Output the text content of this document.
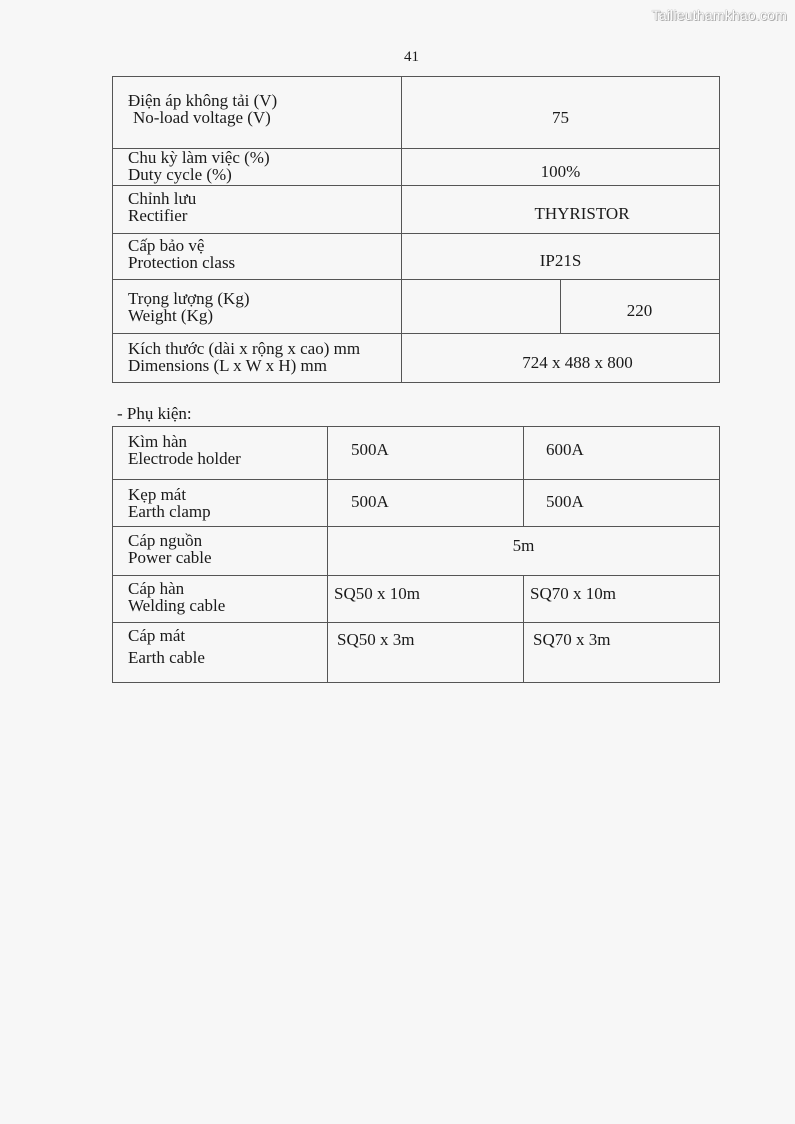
Tailieuthamkhao.com
41
Điện áp không tải (V)
No-load voltage (V)	75

Chu kỳ làm việc (%)
Duty cycle (%)	100%

Chỉnh lưu
Rectifier	THYRISTOR

Cấp bảo vệ
Protection class	IP21S

Trọng lượng (Kg)
Weight (Kg)	220

Kích thước (dài x rộng x cao) mm
Dimensions (L x W x H) mm	724 x 488 x 800
- Phụ kiện:
Kìm hàn
Electrode holder	500A	600A

Kẹp mát
Earth clamp	500A	500A

Cáp nguồn
Power cable	5m	

Cáp hàn
Welding cable	SQ50 x 10m	SQ70 x 10m

Cáp mát
Earth cable	SQ50 x 3m	SQ70 x 3m
